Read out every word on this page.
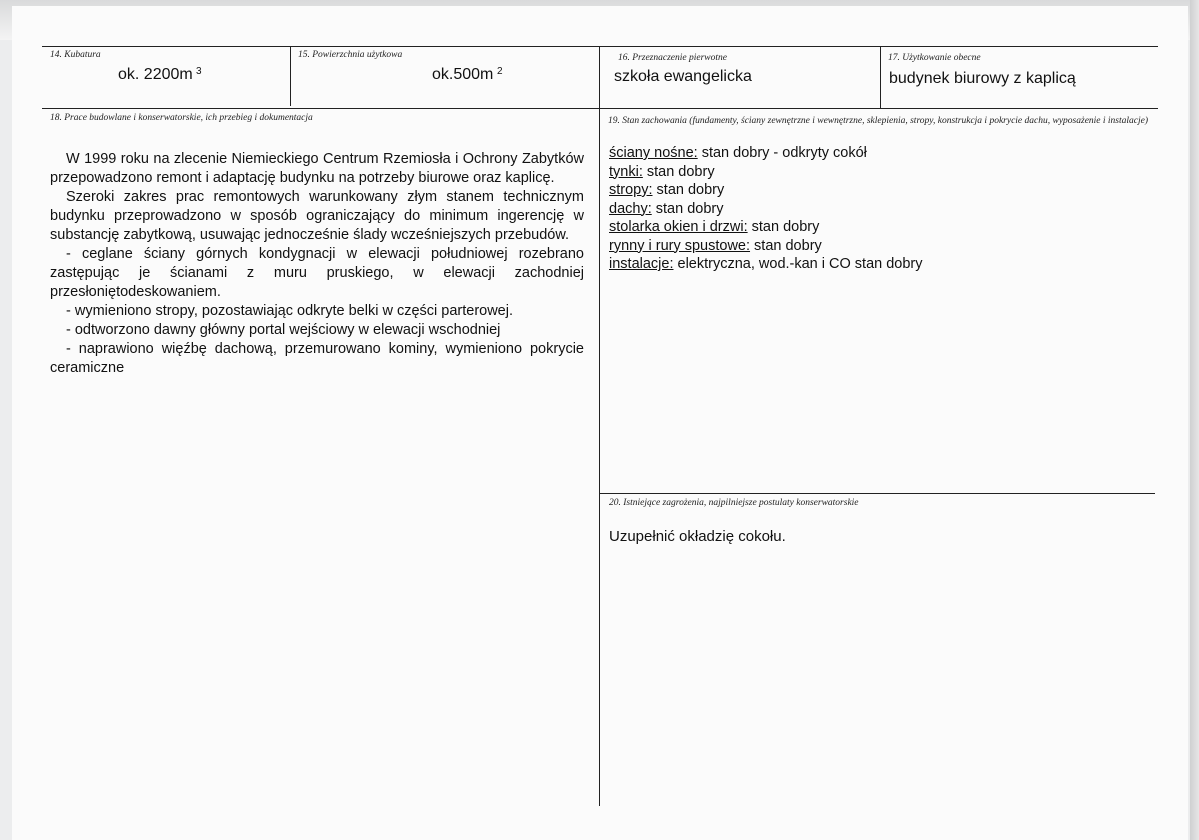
14. Kubatura
ok. 2200m 3
15. Powierzchnia użytkowa
ok.500m 2
16. Przeznaczenie pierwotne
szkoła ewangelicka
17. Użytkowanie obecne
budynek biurowy z kaplicą
18. Prace budowlane i konserwatorskie, ich przebieg i dokumentacja

W 1999 roku na zlecenie Niemieckiego Centrum Rzemiosła i Ochrony Zabytków przepowadzono remont i adaptację budynku na potrzeby biurowe oraz kaplicę.

Szeroki zakres prac remontowych warunkowany złym stanem technicznym budynku przeprowadzono w sposób ograniczający do minimum ingerencję w substancję zabytkową, usuwając jednocześnie ślady wcześniejszych przebudów.

- ceglane ściany górnych kondygnacji w elewacji południowej rozebrano zastępując je ścianami z muru pruskiego, w elewacji zachodniej przesłoniętodeskowaniem.

- wymieniono stropy, pozostawiając odkryte belki w części parterowej.

- odtworzono dawny główny portal wejściowy w elewacji wschodniej

- naprawiono więźbę dachową, przemurowano kominy, wymieniono pokrycie ceramiczne

19. Stan zachowania (fundamenty, ściany zewnętrzne i wewnętrzne, sklepienia, stropy, konstrukcja i pokrycie dachu, wyposażenie i instalacje)
ściany nośne: stan dobry - odkryty cokół
tynki: stan dobry
stropy: stan dobry
dachy: stan dobry
stolarka okien i drzwi: stan dobry
rynny i rury spustowe: stan dobry
instalacje: elektryczna, wod.-kan i CO stan dobry
20. Istniejące zagrożenia, najpilniejsze postulaty konserwatorskie
Uzupełnić okładzię cokołu.
